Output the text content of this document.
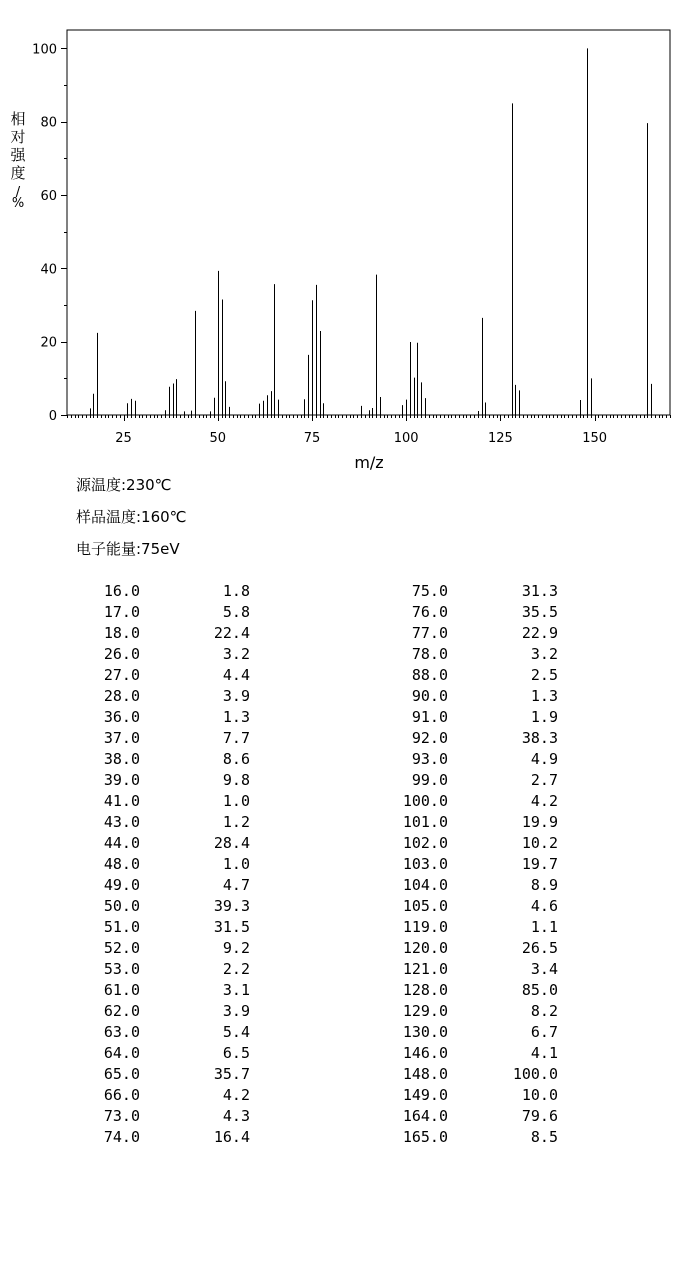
25	50	75	100	125	150
0
20
40
60
80
100
m/z
相对强度/ %
源温度:230℃
样品温度:160℃
电子能量:75eV
16.0	1.8	75.0	31.3
17.0	5.8	76.0	35.5
18.0	22.4	77.0	22.9
26.0	3.2	78.0	3.2
27.0	4.4	88.0	2.5
28.0	3.9	90.0	1.3
36.0	1.3	91.0	1.9
37.0	7.7	92.0	38.3
38.0	8.6	93.0	4.9
39.0	9.8	99.0	2.7
41.0	1.0	100.0	4.2
43.0	1.2	101.0	19.9
44.0	28.4	102.0	10.2
48.0	1.0	103.0	19.7
49.0	4.7	104.0	8.9
50.0	39.3	105.0	4.6
51.0	31.5	119.0	1.1
52.0	9.2	120.0	26.5
53.0	2.2	121.0	3.4
61.0	3.1	128.0	85.0
62.0	3.9	129.0	8.2
63.0	5.4	130.0	6.7
64.0	6.5	146.0	4.1
65.0	35.7	148.0	100.0
66.0	4.2	149.0	10.0
73.0	4.3	164.0	79.6
74.0	16.4	165.0	8.5
